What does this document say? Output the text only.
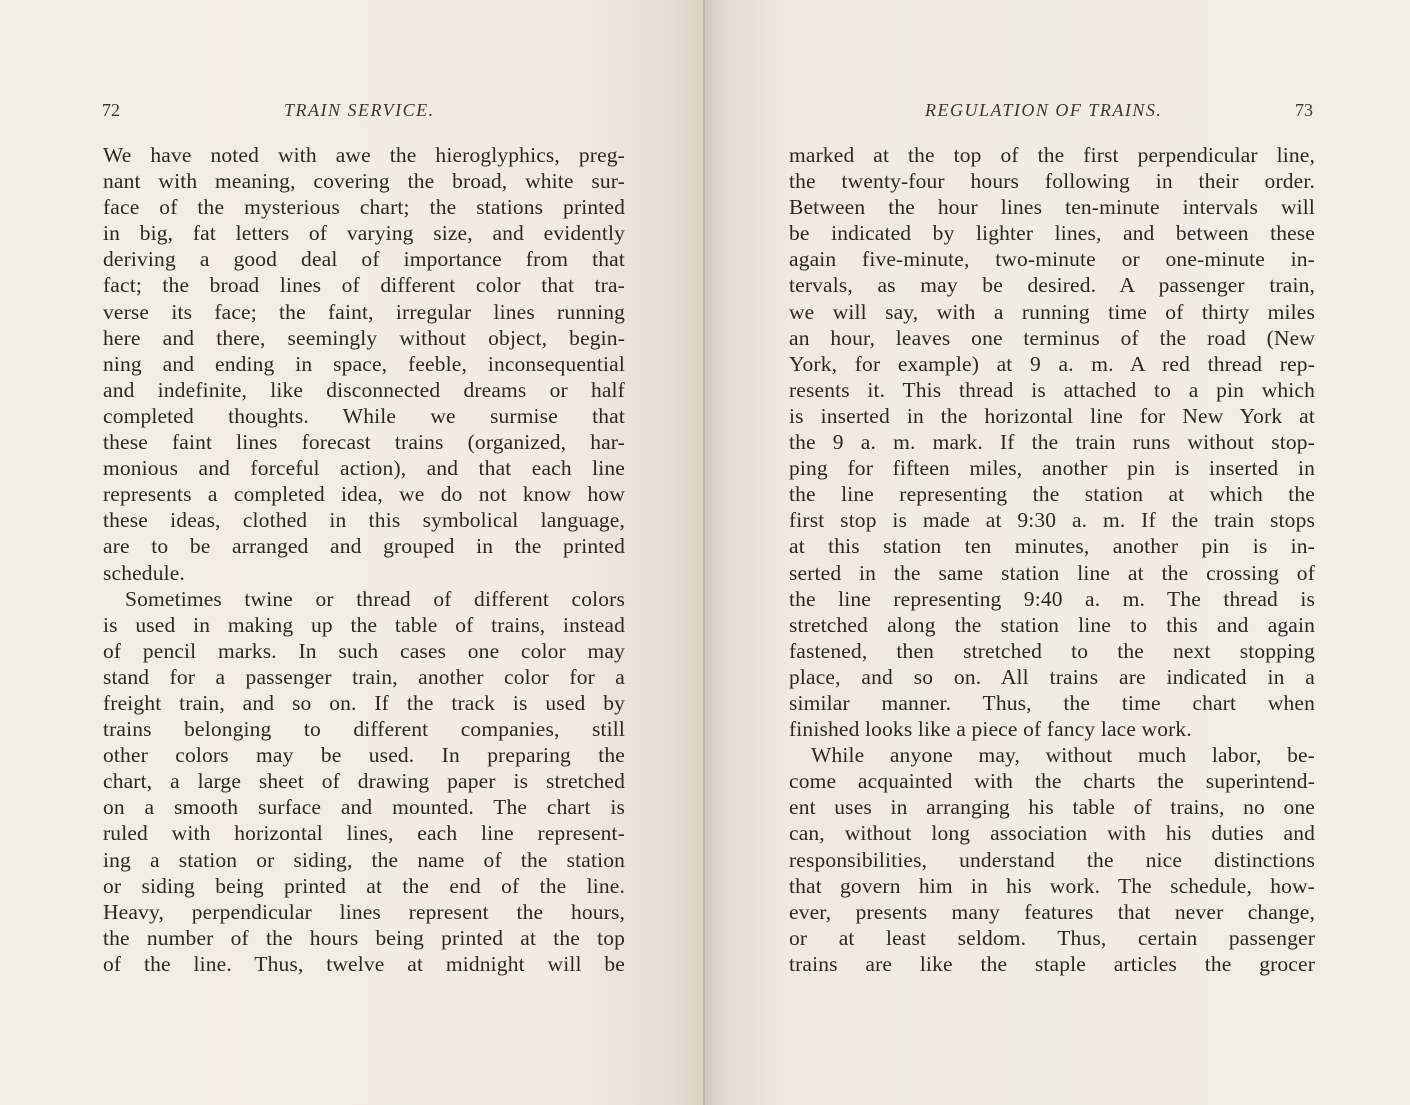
72	TRAIN SERVICE.
We have noted with awe the hieroglyphics, preg-
nant with meaning, covering the broad, white sur-
face of the mysterious chart; the stations printed
in big, fat letters of varying size, and evidently
deriving a good deal of importance from that
fact; the broad lines of different color that tra-
verse its face; the faint, irregular lines running
here and there, seemingly without object, begin-
ning and ending in space, feeble, inconsequential
and indefinite, like disconnected dreams or half
completed thoughts. While we surmise that
these faint lines forecast trains (organized, har-
monious and forceful action), and that each line
represents a completed idea, we do not know how
these ideas, clothed in this symbolical language,
are to be arranged and grouped in the printed
schedule.
Sometimes twine or thread of different colors
is used in making up the table of trains, instead
of pencil marks. In such cases one color may
stand for a passenger train, another color for a
freight train, and so on. If the track is used by
trains belonging to different companies, still
other colors may be used. In preparing the
chart, a large sheet of drawing paper is stretched
on a smooth surface and mounted. The chart is
ruled with horizontal lines, each line represent-
ing a station or siding, the name of the station
or siding being printed at the end of the line.
Heavy, perpendicular lines represent the hours,
the number of the hours being printed at the top
of the line. Thus, twelve at midnight will be
REGULATION OF TRAINS.	73
marked at the top of the first perpendicular line,
the twenty-four hours following in their order.
Between the hour lines ten-minute intervals will
be indicated by lighter lines, and between these
again five-minute, two-minute or one-minute in-
tervals, as may be desired. A passenger train,
we will say, with a running time of thirty miles
an hour, leaves one terminus of the road (New
York, for example) at 9 a. m. A red thread rep-
resents it. This thread is attached to a pin which
is inserted in the horizontal line for New York at
the 9 a. m. mark. If the train runs without stop-
ping for fifteen miles, another pin is inserted in
the line representing the station at which the
first stop is made at 9:30 a. m. If the train stops
at this station ten minutes, another pin is in-
serted in the same station line at the crossing of
the line representing 9:40 a. m. The thread is
stretched along the station line to this and again
fastened, then stretched to the next stopping
place, and so on. All trains are indicated in a
similar manner. Thus, the time chart when
finished looks like a piece of fancy lace work.
While anyone may, without much labor, be-
come acquainted with the charts the superintend-
ent uses in arranging his table of trains, no one
can, without long association with his duties and
responsibilities, understand the nice distinctions
that govern him in his work. The schedule, how-
ever, presents many features that never change,
or at least seldom. Thus, certain passenger
trains are like the staple articles the grocer
